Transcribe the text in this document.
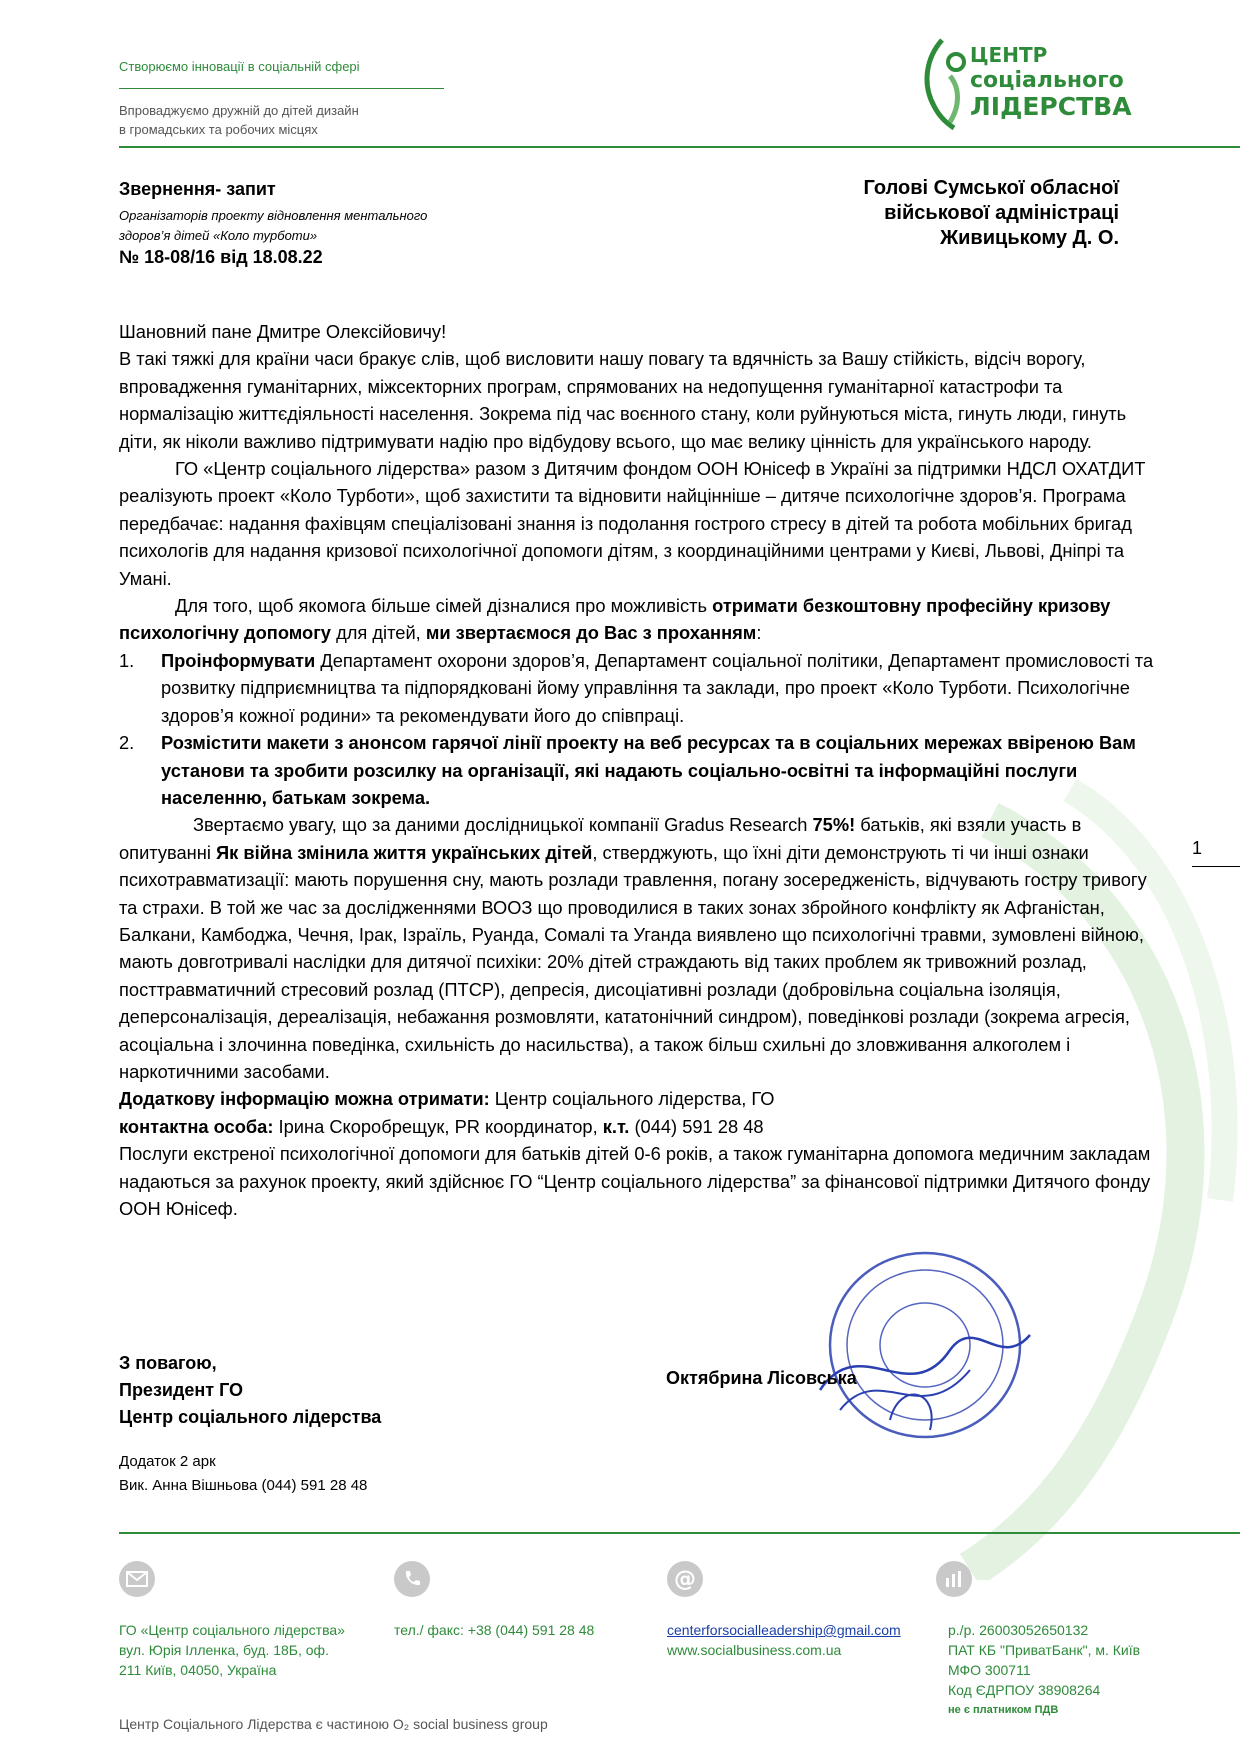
Створюємо інновації в соціальній сфері
Впроваджуємо дружній до дітей дизайн
в громадських та робочих місцях
ЦЕНТР
соціального
ЛІДЕРСТВА
Звернення- запит
Організаторів проекту відновлення ментального
здоров’я дітей «Коло турботи»
№ 18-08/16 від 18.08.22
Голові Сумської обласної
військової адміністраці
Живицькому Д. О.

Шановний пане Дмитре Олексійовичу!

В такі тяжкі для країни часи бракує слів, щоб висловити нашу повагу та вдячність за Вашу стійкість, відсіч ворогу, впровадження гуманітарних, міжсекторних програм, спрямованих на недопущення гуманітарної катастрофи та нормалізацію життєдіяльності населення. Зокрема під час воєнного стану, коли руйнуються міста, гинуть люди, гинуть діти, як ніколи важливо підтримувати надію про відбудову всього, що має велику цінність для українського народу.

ГО «Центр соціального лідерства» разом з Дитячим фондом ООН Юнісеф в Україні за підтримки НДСЛ ОХАТДИТ реалізують проект «Коло Турботи», щоб захистити та відновити найцінніше – дитяче психологічне здоров’я. Програма передбачає: надання фахівцям спеціалізовані знання із подолання гострого стресу в дітей та робота мобільних бригад психологів для надання кризової психологічної допомоги дітям, з координаційними центрами у Києві, Львові, Дніпрі та Умані.

Для того, щоб якомога більше сімей дізналися про можливість отримати безкоштовну професійну кризову психологічну допомогу для дітей, ми звертаємося до Вас з проханням:

1.	Проінформувати Департамент охорони здоров’я, Департамент соціальної політики, Департамент промисловості та розвитку підприємництва та підпорядковані йому управління та заклади, про проект «Коло Турботи. Психологічне здоров’я кожної родини» та рекомендувати його до співпраці.
2.	Розмістити макети з анонсом гарячої лінії проекту на веб ресурсах та в соціальних мережах ввіреною Вам установи та зробити розсилку на організації, які надають соціально-освітні та інформаційні послуги населенню, батькам зокрема.

Звертаємо увагу, що за даними дослідницької компанії Gradus Research 75%! батьків, які взяли участь в опитуванні Як війна змінила життя українських дітей, стверджують, що їхні діти демонструють ті чи інші ознаки психотравматизації: мають порушення сну, мають розлади травлення, погану зосередженість, відчувають гостру тривогу та страхи. В той же час за дослідженнями ВООЗ що проводилися в таких зонах збройного конфлікту як Афганістан, Балкани, Камбоджа, Чечня, Ірак, Ізраїль, Руанда, Сомалі та Уганда виявлено що психологічні травми, зумовлені війною, мають довготривалі наслідки для дитячої психіки: 20% дітей страждають від таких проблем як тривожний розлад, посттравматичний стресовий розлад (ПТСР), депресія, дисоціативні розлади (добровільна соціальна ізоляція, деперсоналізація, дереалізація, небажання розмовляти, кататонічний синдром), поведінкові розлади (зокрема агресія, асоціальна і злочинна поведінка, схильність до насильства), а також більш схильні до зловживання алкоголем і наркотичними засобами.

Додаткову інформацію можна отримати: Центр соціального лідерства, ГО

контактна особа: Ірина Скоробрещук, PR координатор, к.т. (044) 591 28 48

Послуги екстреної психологічної допомоги для батьків дітей 0-6 років, а також гуманітарна допомога медичним закладам надаються за рахунок проекту, який здійснює ГО “Центр соціального лідерства” за фінансової підтримки Дитячого фонду ООН Юнісеф.

1
З повагою,
Президент ГО
Центр соціального лідерства
Октябрина Лісовська
Додаток 2 арк
Вик. Анна Вішньова (044) 591 28 48
@
ГО «Центр соціального лідерства»
вул. Юрія Ілленка, буд. 18Б, оф.
211 Київ, 04050, Україна
тел./ факс: +38 (044) 591 28 48	centerforsocialleadership@gmail.com
www.socialbusiness.com.ua
р./р. 26003052650132
ПАТ КБ "ПриватБанк", м. Київ
МФО 300711
Код ЄДРПОУ 38908264
не є платником ПДВ
Центр Соціального Лідерства є частиною O₂ social business group
